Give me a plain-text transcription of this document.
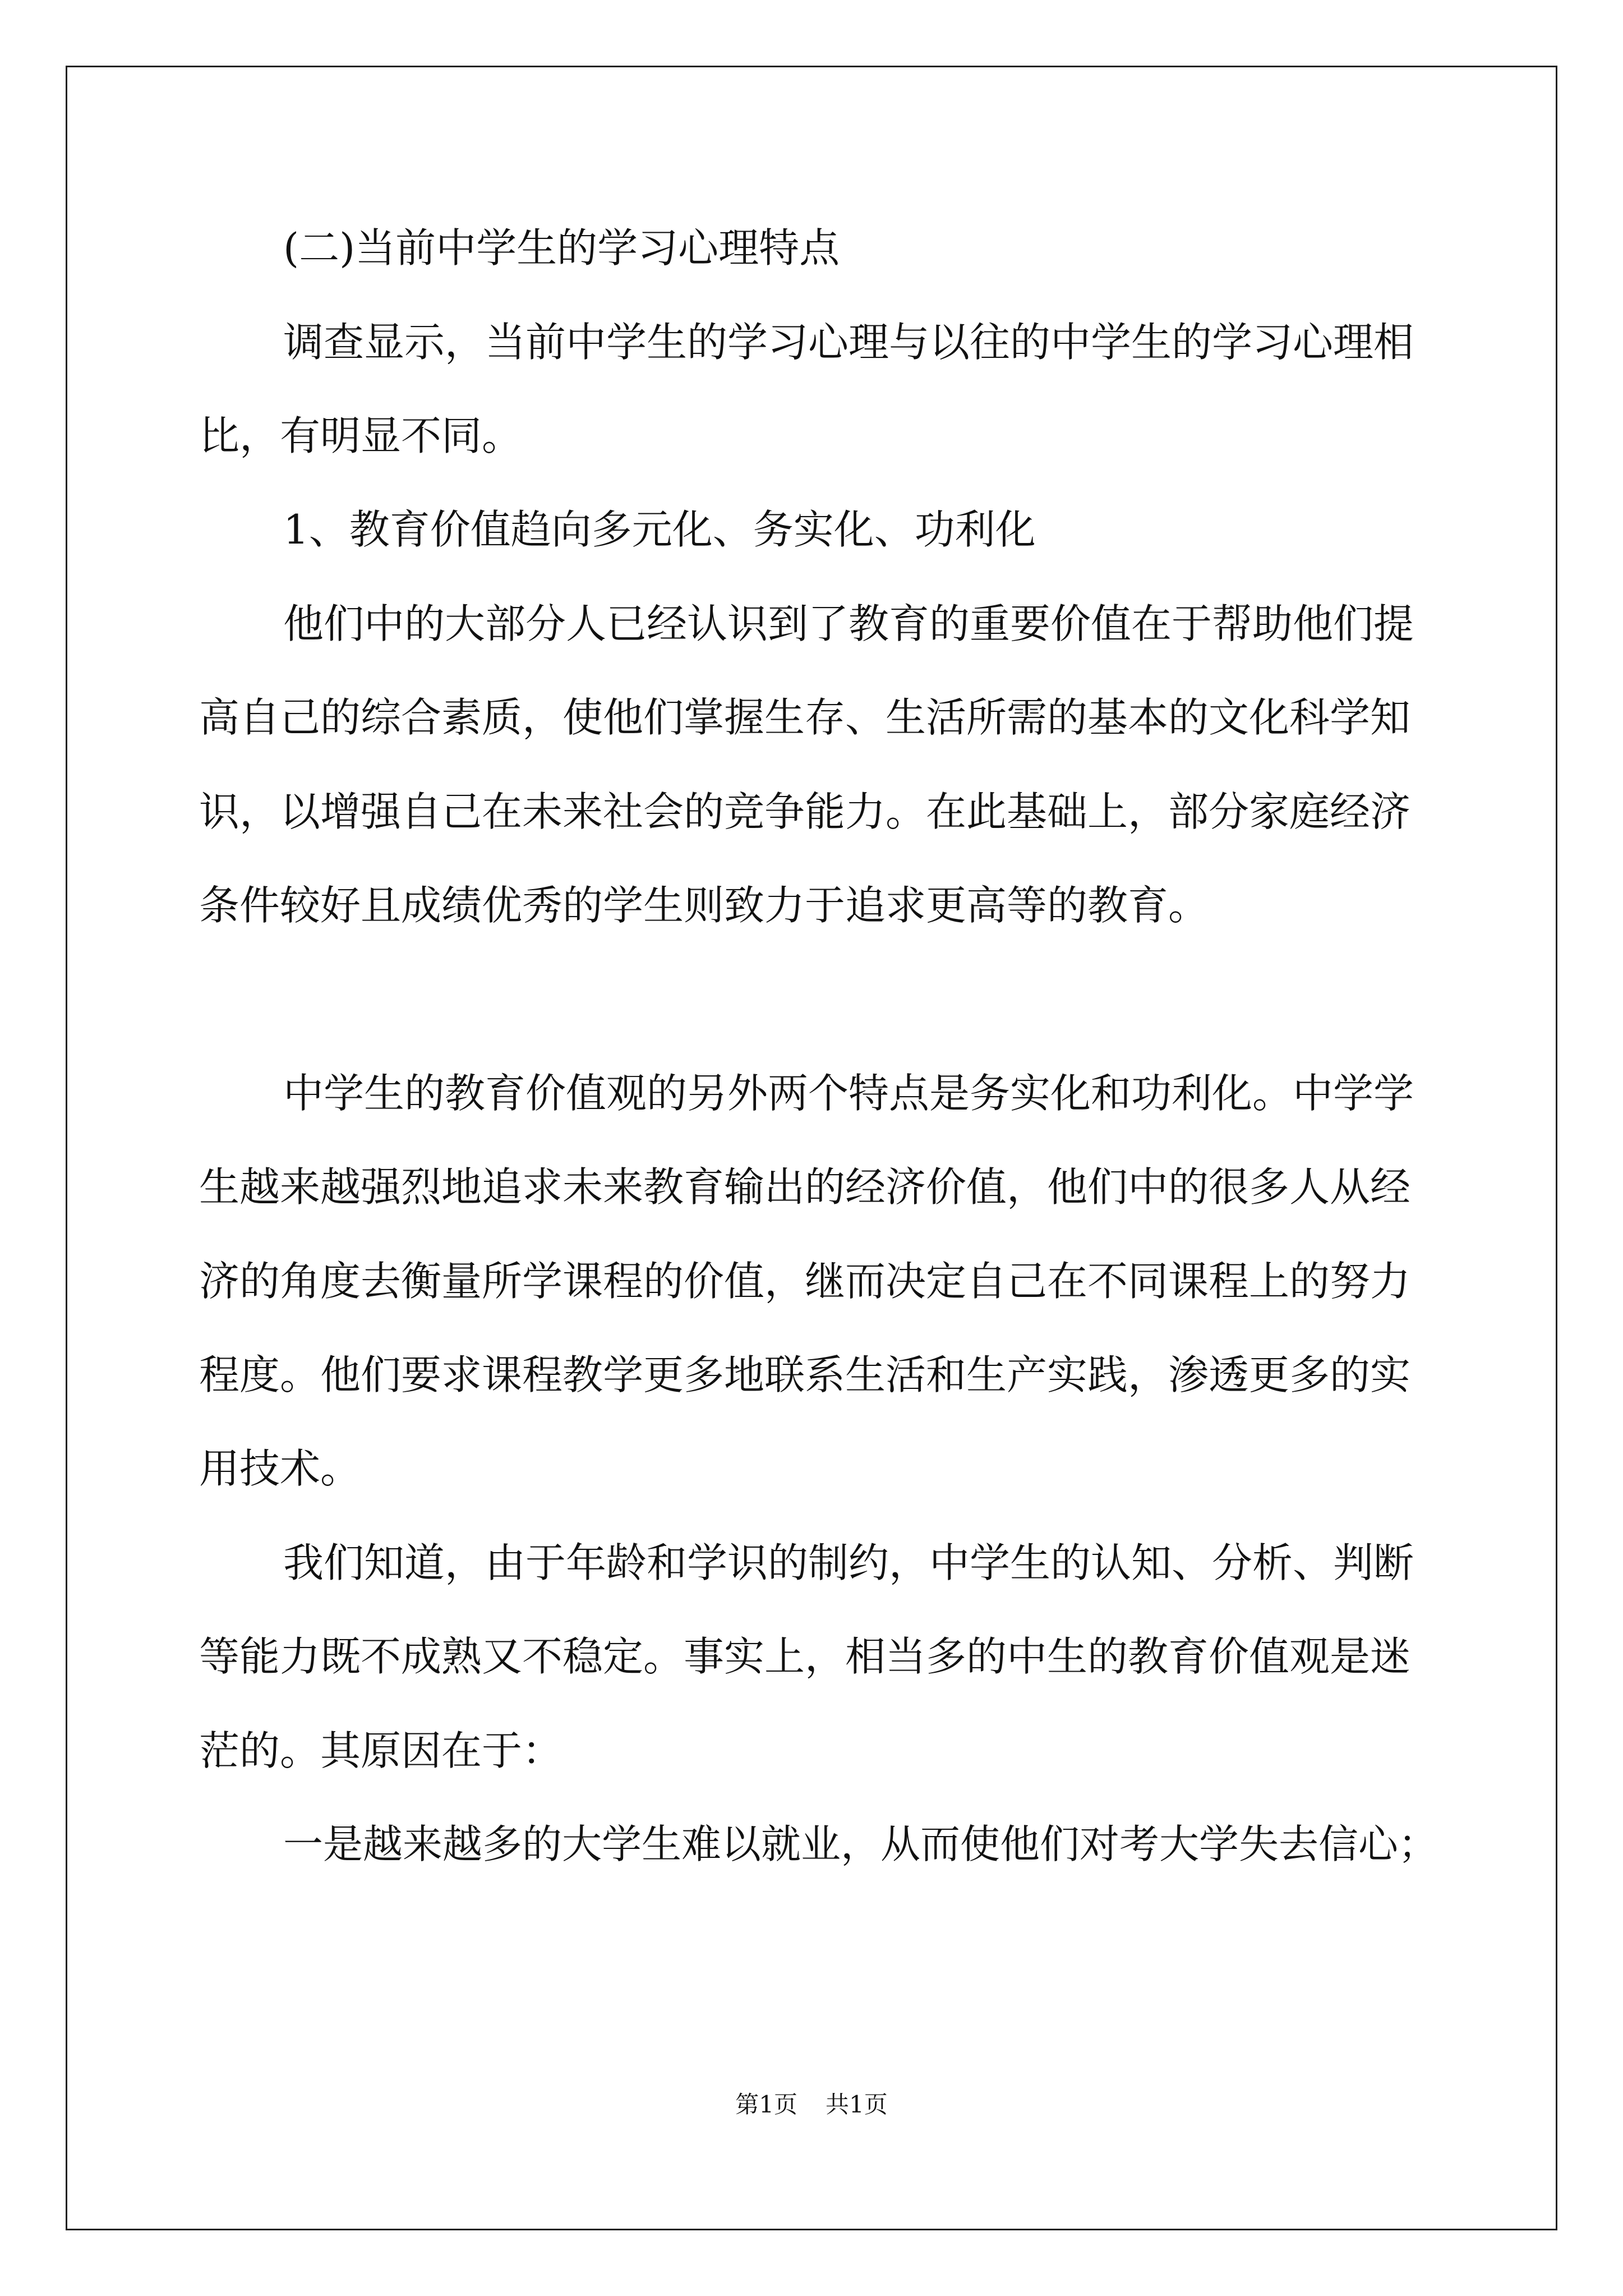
(二)当前中学生的学习心理特点
调查显示，当前中学生的学习心理与以往的中学生的学习心理相
比，有明显不同。
1、教育价值趋向多元化、务实化、功利化
他们中的大部分人已经认识到了教育的重要价值在于帮助他们提
高自己的综合素质，使他们掌握生存、生活所需的基本的文化科学知
识，以增强自己在未来社会的竞争能力。在此基础上，部分家庭经济
条件较好且成绩优秀的学生则致力于追求更高等的教育。
中学生的教育价值观的另外两个特点是务实化和功利化。中学学
生越来越强烈地追求未来教育输出的经济价值，他们中的很多人从经
济的角度去衡量所学课程的价值，继而决定自己在不同课程上的努力
程度。他们要求课程教学更多地联系生活和生产实践，渗透更多的实
用技术。
我们知道，由于年龄和学识的制约，中学生的认知、分析、判断
等能力既不成熟又不稳定。事实上，相当多的中生的教育价值观是迷
茫的。其原因在于：
一是越来越多的大学生难以就业，从而使他们对考大学失去信心；
第1页 共1页
